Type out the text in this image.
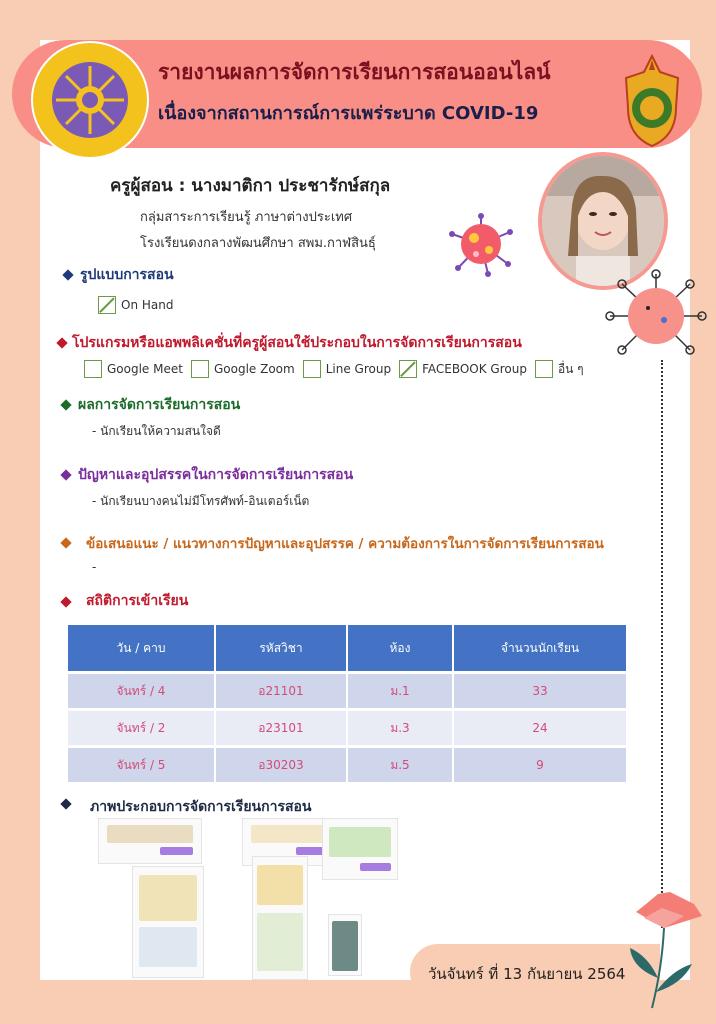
รายงานผลการจัดการเรียนการสอนออนไลน์
เนื่องจากสถานการณ์การแพร่ระบาด COVID-19
ครูผู้สอน : นางมาติกา ประชารักษ์สกุล
กลุ่มสาระการเรียนรู้ ภาษาต่างประเทศ
โรงเรียนดงกลางพัฒนศึกษา สพม.กาฬสินธุ์
รูปแบบการสอน
On Hand
โปรแกรมหรือแอพพลิเคชั่นที่ครูผู้สอนใช้ประกอบในการจัดการเรียนการสอน
Google Meet	Google Zoom	Line Group	FACEBOOK Group	อื่น ๆ
ผลการจัดการเรียนการสอน
- นักเรียนให้ความสนใจดี
ปัญหาและอุปสรรคในการจัดการเรียนการสอน
- นักเรียนบางคนไม่มีโทรศัพท์-อินเตอร์เน็ต
ข้อเสนอแนะ / แนวทางการปัญหาและอุปสรรค / ความต้องการในการจัดการเรียนการสอน
-
สถิติการเข้าเรียน
วัน / คาบ	รหัสวิชา	ห้อง	จำนวนนักเรียน
จันทร์ / 4	อ21101	ม.1	33
จันทร์ / 2	อ23101	ม.3	24
จันทร์ / 5	อ30203	ม.5	9
ภาพประกอบการจัดการเรียนการสอน
วันจันทร์ ที่ 13 กันยายน 2564
